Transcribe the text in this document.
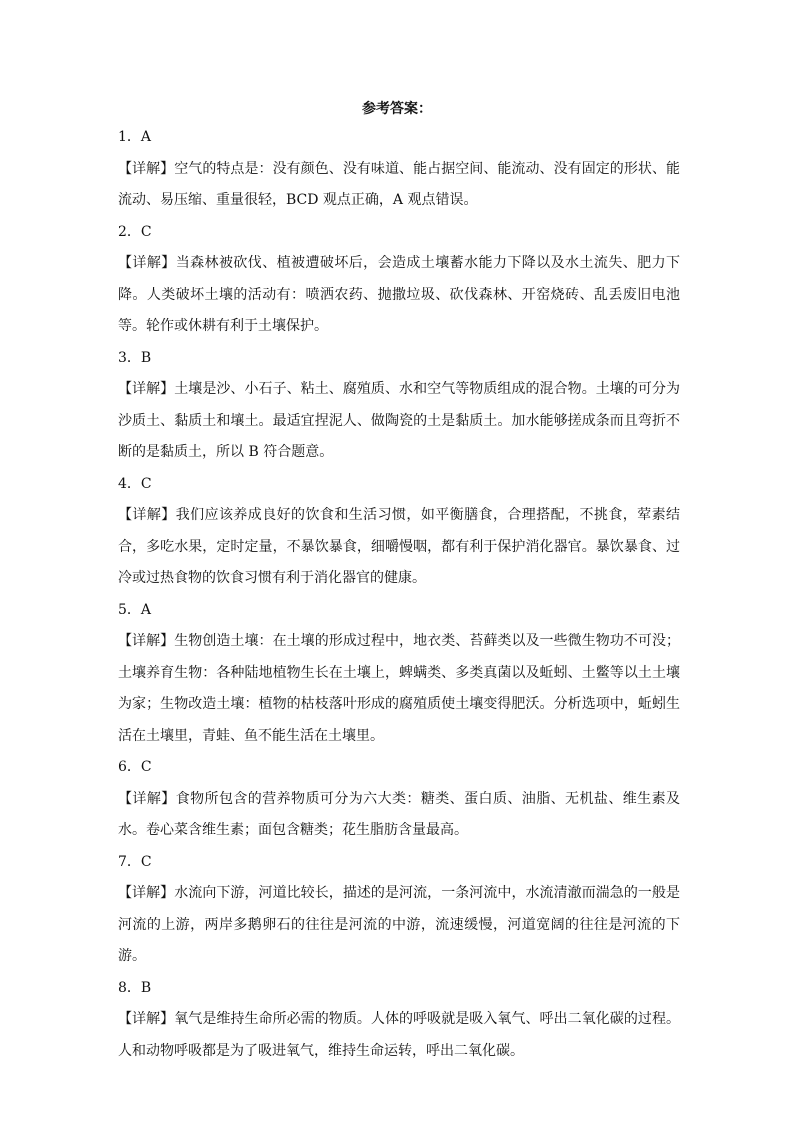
参考答案：

1．A

【详解】空气的特点是：没有颜色、没有味道、能占据空间、能流动、没有固定的形状、能流动、易压缩、重量很轻，BCD 观点正确，A 观点错误。

2．C

【详解】当森林被砍伐、植被遭破坏后，会造成土壤蓄水能力下降以及水土流失、肥力下降。人类破坏土壤的活动有：喷洒农药、抛撒垃圾、砍伐森林、开窑烧砖、乱丢废旧电池等。轮作或休耕有利于土壤保护。

3．B

【详解】土壤是沙、小石子、粘土、腐殖质、水和空气等物质组成的混合物。土壤的可分为沙质土、黏质土和壤土。最适宜捏泥人、做陶瓷的土是黏质土。加水能够搓成条而且弯折不断的是黏质土，所以 B 符合题意。

4．C

【详解】我们应该养成良好的饮食和生活习惯，如平衡膳食，合理搭配，不挑食，荤素结合，多吃水果，定时定量，不暴饮暴食，细嚼慢咽，都有利于保护消化器官。暴饮暴食、过冷或过热食物的饮食习惯有利于消化器官的健康。

5．A

【详解】生物创造土壤：在土壤的形成过程中，地衣类、苔藓类以及一些微生物功不可没；土壤养育生物：各种陆地植物生长在土壤上，蜱螨类、多类真菌以及蚯蚓、土鳖等以土土壤为家；生物改造土壤：植物的枯枝落叶形成的腐殖质使土壤变得肥沃。分析选项中，蚯蚓生活在土壤里，青蛙、鱼不能生活在土壤里。

6．C

【详解】食物所包含的营养物质可分为六大类：糖类、蛋白质、油脂、无机盐、维生素及水。卷心菜含维生素；面包含糖类；花生脂肪含量最高。

7．C

【详解】水流向下游，河道比较长，描述的是河流，一条河流中，水流清澈而湍急的一般是河流的上游，两岸多鹅卵石的往往是河流的中游，流速缓慢，河道宽阔的往往是河流的下游。

8．B

【详解】氧气是维持生命所必需的物质。人体的呼吸就是吸入氧气、呼出二氧化碳的过程。人和动物呼吸都是为了吸进氧气，维持生命运转，呼出二氧化碳。
